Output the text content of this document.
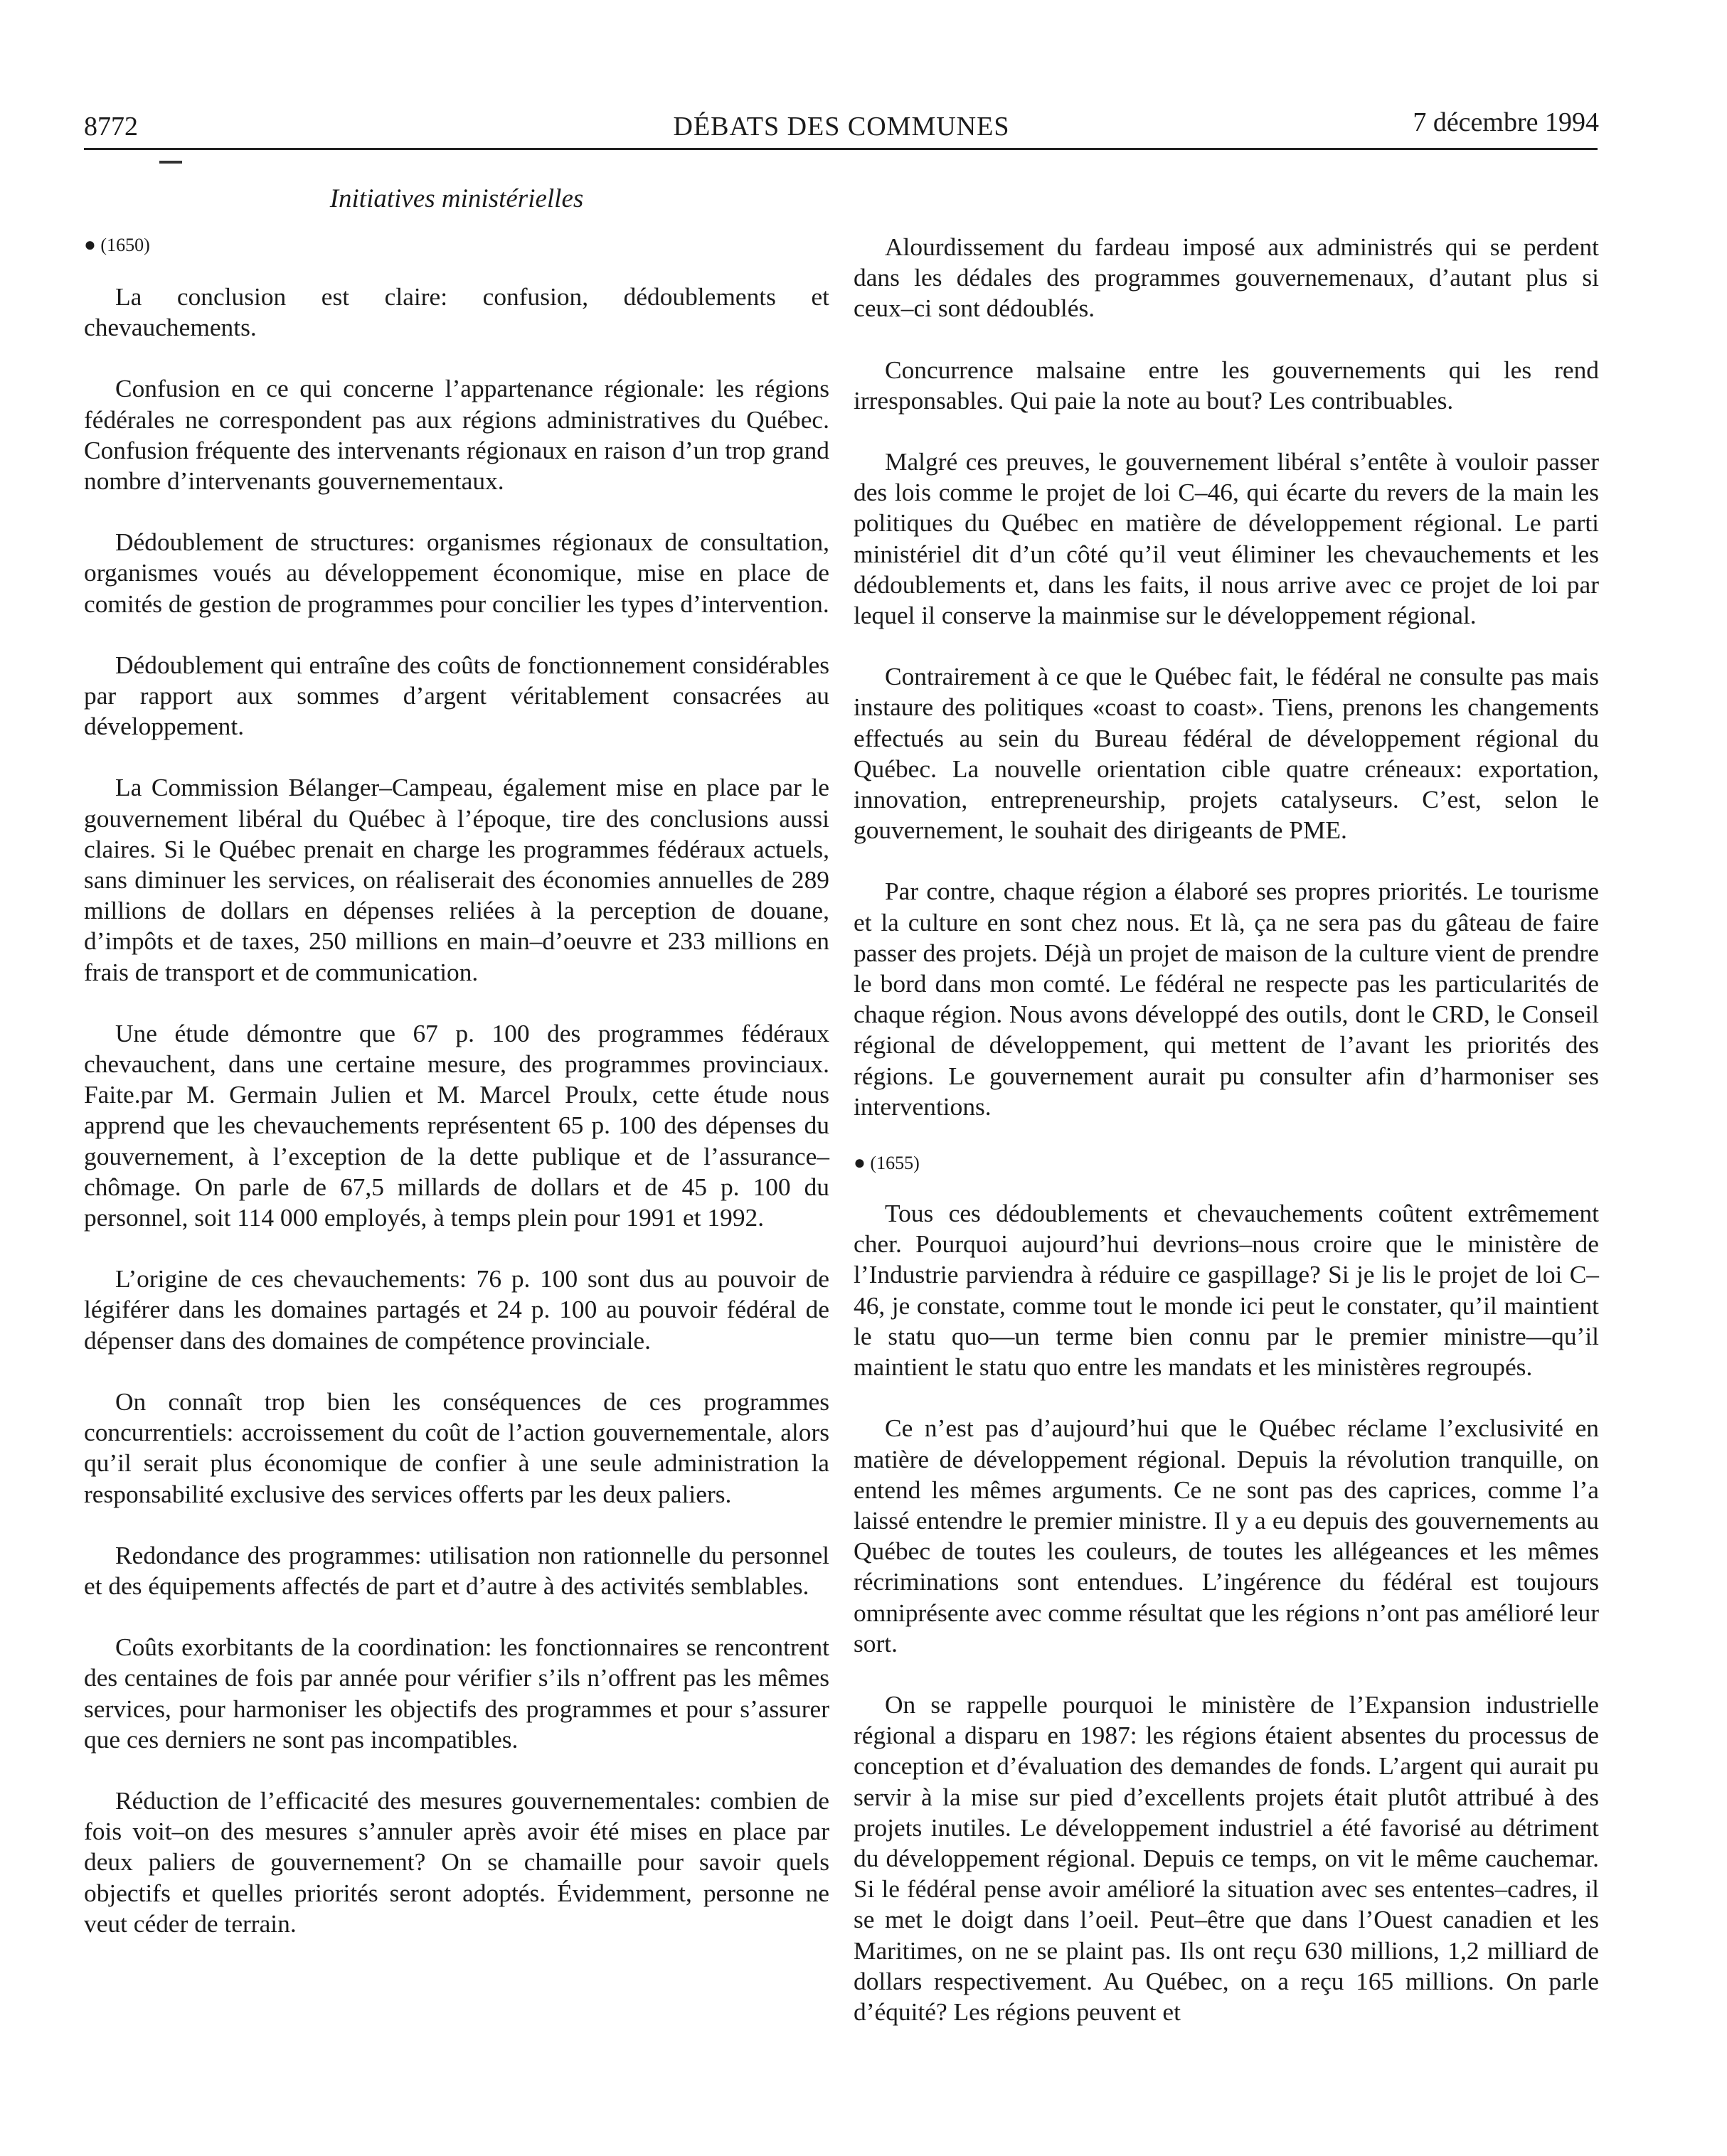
8772	DÉBATS DES COMMUNES	7 décembre 1994
Initiatives ministérielles
● (1650)

La conclusion est claire: confusion, dédoublements et chevauchements.

Confusion en ce qui concerne l’appartenance régionale: les régions fédérales ne correspondent pas aux régions administratives du Québec. Confusion fréquente des intervenants régionaux en raison d’un trop grand nombre d’intervenants gouvernementaux.

Dédoublement de structures: organismes régionaux de consultation, organismes voués au développement économique, mise en place de comités de gestion de programmes pour concilier les types d’intervention.

Dédoublement qui entraîne des coûts de fonctionnement considérables par rapport aux sommes d’argent véritablement consacrées au développement.

La Commission Bélanger–Campeau, également mise en place par le gouvernement libéral du Québec à l’époque, tire des conclusions aussi claires. Si le Québec prenait en charge les programmes fédéraux actuels, sans diminuer les services, on réaliserait des économies annuelles de 289 millions de dollars en dépenses reliées à la perception de douane, d’impôts et de taxes, 250 millions en main–d’oeuvre et 233 millions en frais de transport et de communication.

Une étude démontre que 67 p. 100 des programmes fédéraux chevauchent, dans une certaine mesure, des programmes provinciaux. Faite.par M. Germain Julien et M. Marcel Proulx, cette étude nous apprend que les chevauchements représentent 65 p. 100 des dépenses du gouvernement, à l’exception de la dette publique et de l’assurance–chômage. On parle de 67,5 millards de dollars et de 45 p. 100 du personnel, soit 114 000 employés, à temps plein pour 1991 et 1992.

L’origine de ces chevauchements: 76 p. 100 sont dus au pouvoir de légiférer dans les domaines partagés et 24 p. 100 au pouvoir fédéral de dépenser dans des domaines de compétence provinciale.

On connaît trop bien les conséquences de ces programmes concurrentiels: accroissement du coût de l’action gouvernementale, alors qu’il serait plus économique de confier à une seule administration la responsabilité exclusive des services offerts par les deux paliers.

Redondance des programmes: utilisation non rationnelle du personnel et des équipements affectés de part et d’autre à des activités semblables.

Coûts exorbitants de la coordination: les fonctionnaires se rencontrent des centaines de fois par année pour vérifier s’ils n’offrent pas les mêmes services, pour harmoniser les objectifs des programmes et pour s’assurer que ces derniers ne sont pas incompatibles.

Réduction de l’efficacité des mesures gouvernementales: combien de fois voit–on des mesures s’annuler après avoir été mises en place par deux paliers de gouvernement? On se chamaille pour savoir quels objectifs et quelles priorités seront adoptés. Évidemment, personne ne veut céder de terrain.

Alourdissement du fardeau imposé aux administrés qui se perdent dans les dédales des programmes gouvernemenaux, d’autant plus si ceux–ci sont dédoublés.

Concurrence malsaine entre les gouvernements qui les rend irresponsables. Qui paie la note au bout? Les contribuables.

Malgré ces preuves, le gouvernement libéral s’entête à vouloir passer des lois comme le projet de loi C–46, qui écarte du revers de la main les politiques du Québec en matière de développement régional. Le parti ministériel dit d’un côté qu’il veut éliminer les chevauchements et les dédoublements et, dans les faits, il nous arrive avec ce projet de loi par lequel il conserve la mainmise sur le développement régional.

Contrairement à ce que le Québec fait, le fédéral ne consulte pas mais instaure des politiques «coast to coast». Tiens, prenons les changements effectués au sein du Bureau fédéral de développement régional du Québec. La nouvelle orientation cible quatre créneaux: exportation, innovation, entrepreneurship, projets catalyseurs. C’est, selon le gouvernement, le souhait des dirigeants de PME.

Par contre, chaque région a élaboré ses propres priorités. Le tourisme et la culture en sont chez nous. Et là, ça ne sera pas du gâteau de faire passer des projets. Déjà un projet de maison de la culture vient de prendre le bord dans mon comté. Le fédéral ne respecte pas les particularités de chaque région. Nous avons développé des outils, dont le CRD, le Conseil régional de développement, qui mettent de l’avant les priorités des régions. Le gouvernement aurait pu consulter afin d’harmoniser ses interventions.

● (1655)

Tous ces dédoublements et chevauchements coûtent extrêmement cher. Pourquoi aujourd’hui devrions–nous croire que le ministère de l’Industrie parviendra à réduire ce gaspillage? Si je lis le projet de loi C–46, je constate, comme tout le monde ici peut le constater, qu’il maintient le statu quo—un terme bien connu par le premier ministre—qu’il maintient le statu quo entre les mandats et les ministères regroupés.

Ce n’est pas d’aujourd’hui que le Québec réclame l’exclusivité en matière de développement régional. Depuis la révolution tranquille, on entend les mêmes arguments. Ce ne sont pas des caprices, comme l’a laissé entendre le premier ministre. Il y a eu depuis des gouvernements au Québec de toutes les couleurs, de toutes les allégeances et les mêmes récriminations sont entendues. L’ingérence du fédéral est toujours omniprésente avec comme résultat que les régions n’ont pas amélioré leur sort.

On se rappelle pourquoi le ministère de l’Expansion industrielle régional a disparu en 1987: les régions étaient absentes du processus de conception et d’évaluation des demandes de fonds. L’argent qui aurait pu servir à la mise sur pied d’excellents projets était plutôt attribué à des projets inutiles. Le développement industriel a été favorisé au détriment du développement régional. Depuis ce temps, on vit le même cauchemar. Si le fédéral pense avoir amélioré la situation avec ses ententes–cadres, il se met le doigt dans l’oeil. Peut–être que dans l’Ouest canadien et les Maritimes, on ne se plaint pas. Ils ont reçu 630 millions, 1,2 milliard de dollars respectivement. Au Québec, on a reçu 165 millions. On parle d’équité? Les régions peuvent et
